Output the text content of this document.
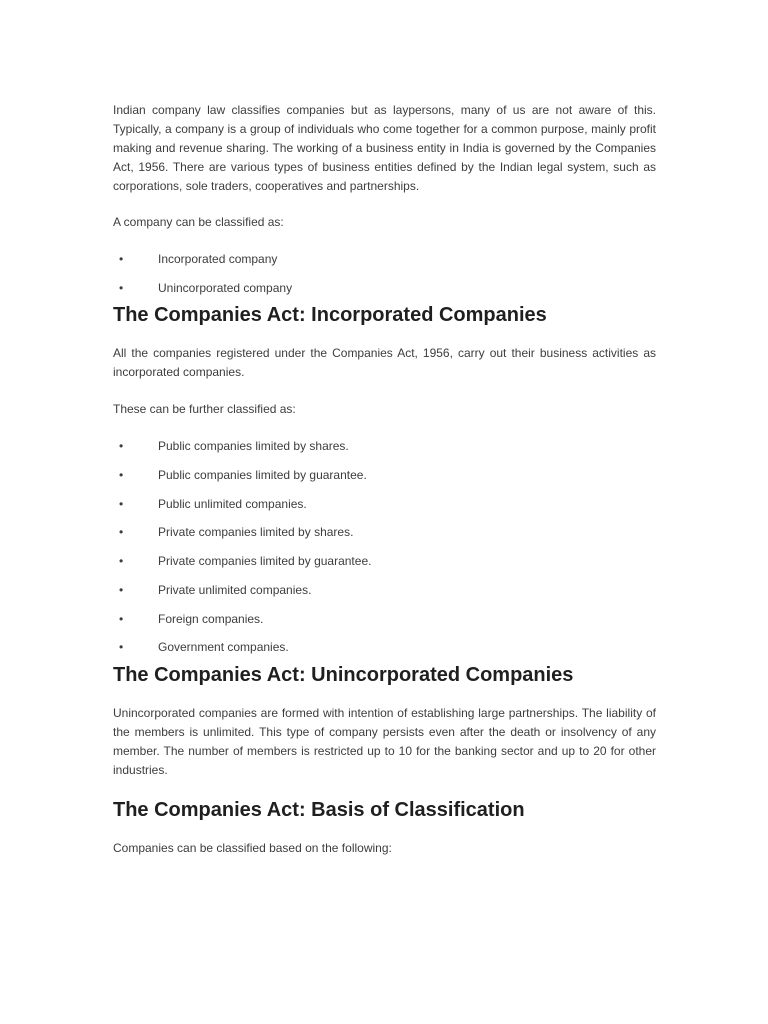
Indian company law classifies companies but as laypersons, many of us are not aware of this. Typically, a company is a group of individuals who come together for a common purpose, mainly profit making and revenue sharing. The working of a business entity in India is governed by the Companies Act, 1956. There are various types of business entities defined by the Indian legal system, such as corporations, sole traders, cooperatives and partnerships.

A company can be classified as:

•	Incorporated company
•	Unincorporated company
The Companies Act: Incorporated Companies

All the companies registered under the Companies Act, 1956, carry out their business activities as incorporated companies.

These can be further classified as:

•	Public companies limited by shares.
•	Public companies limited by guarantee.
•	Public unlimited companies.
•	Private companies limited by shares.
•	Private companies limited by guarantee.
•	Private unlimited companies.
•	Foreign companies.
•	Government companies.
The Companies Act: Unincorporated Companies

Unincorporated companies are formed with intention of establishing large partnerships. The liability of the members is unlimited. This type of company persists even after the death or insolvency of any member. The number of members is restricted up to 10 for the banking sector and up to 20 for other industries.

The Companies Act: Basis of Classification

Companies can be classified based on the following:
